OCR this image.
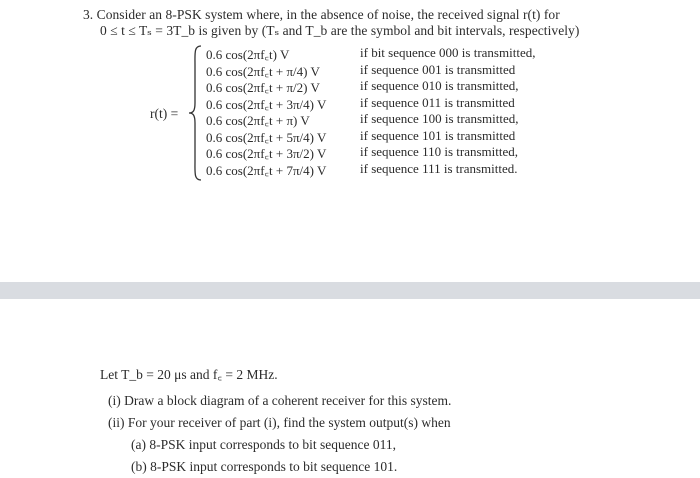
3. Consider an 8-PSK system where, in the absence of noise, the received signal r(t) for
0 ≤ t ≤ Tₛ = 3T_b is given by (Tₛ and T_b are the symbol and bit intervals, respectively)
r(t) =
0.6 cos(2πf꜀t) V	if bit sequence 000 is transmitted,
0.6 cos(2πf꜀t + π/4) V	if sequence 001 is transmitted
0.6 cos(2πf꜀t + π/2) V	if sequence 010 is transmitted,
0.6 cos(2πf꜀t + 3π/4) V	if sequence 011 is transmitted
0.6 cos(2πf꜀t + π) V	if sequence 100 is transmitted,
0.6 cos(2πf꜀t + 5π/4) V	if sequence 101 is transmitted
0.6 cos(2πf꜀t + 3π/2) V	if sequence 110 is transmitted,
0.6 cos(2πf꜀t + 7π/4) V	if sequence 111 is transmitted.
Let T_b = 20 μs and f꜀ = 2 MHz.
(i) Draw a block diagram of a coherent receiver for this system.
(ii) For your receiver of part (i), find the system output(s) when
(a) 8-PSK input corresponds to bit sequence 011,
(b) 8-PSK input corresponds to bit sequence 101.
